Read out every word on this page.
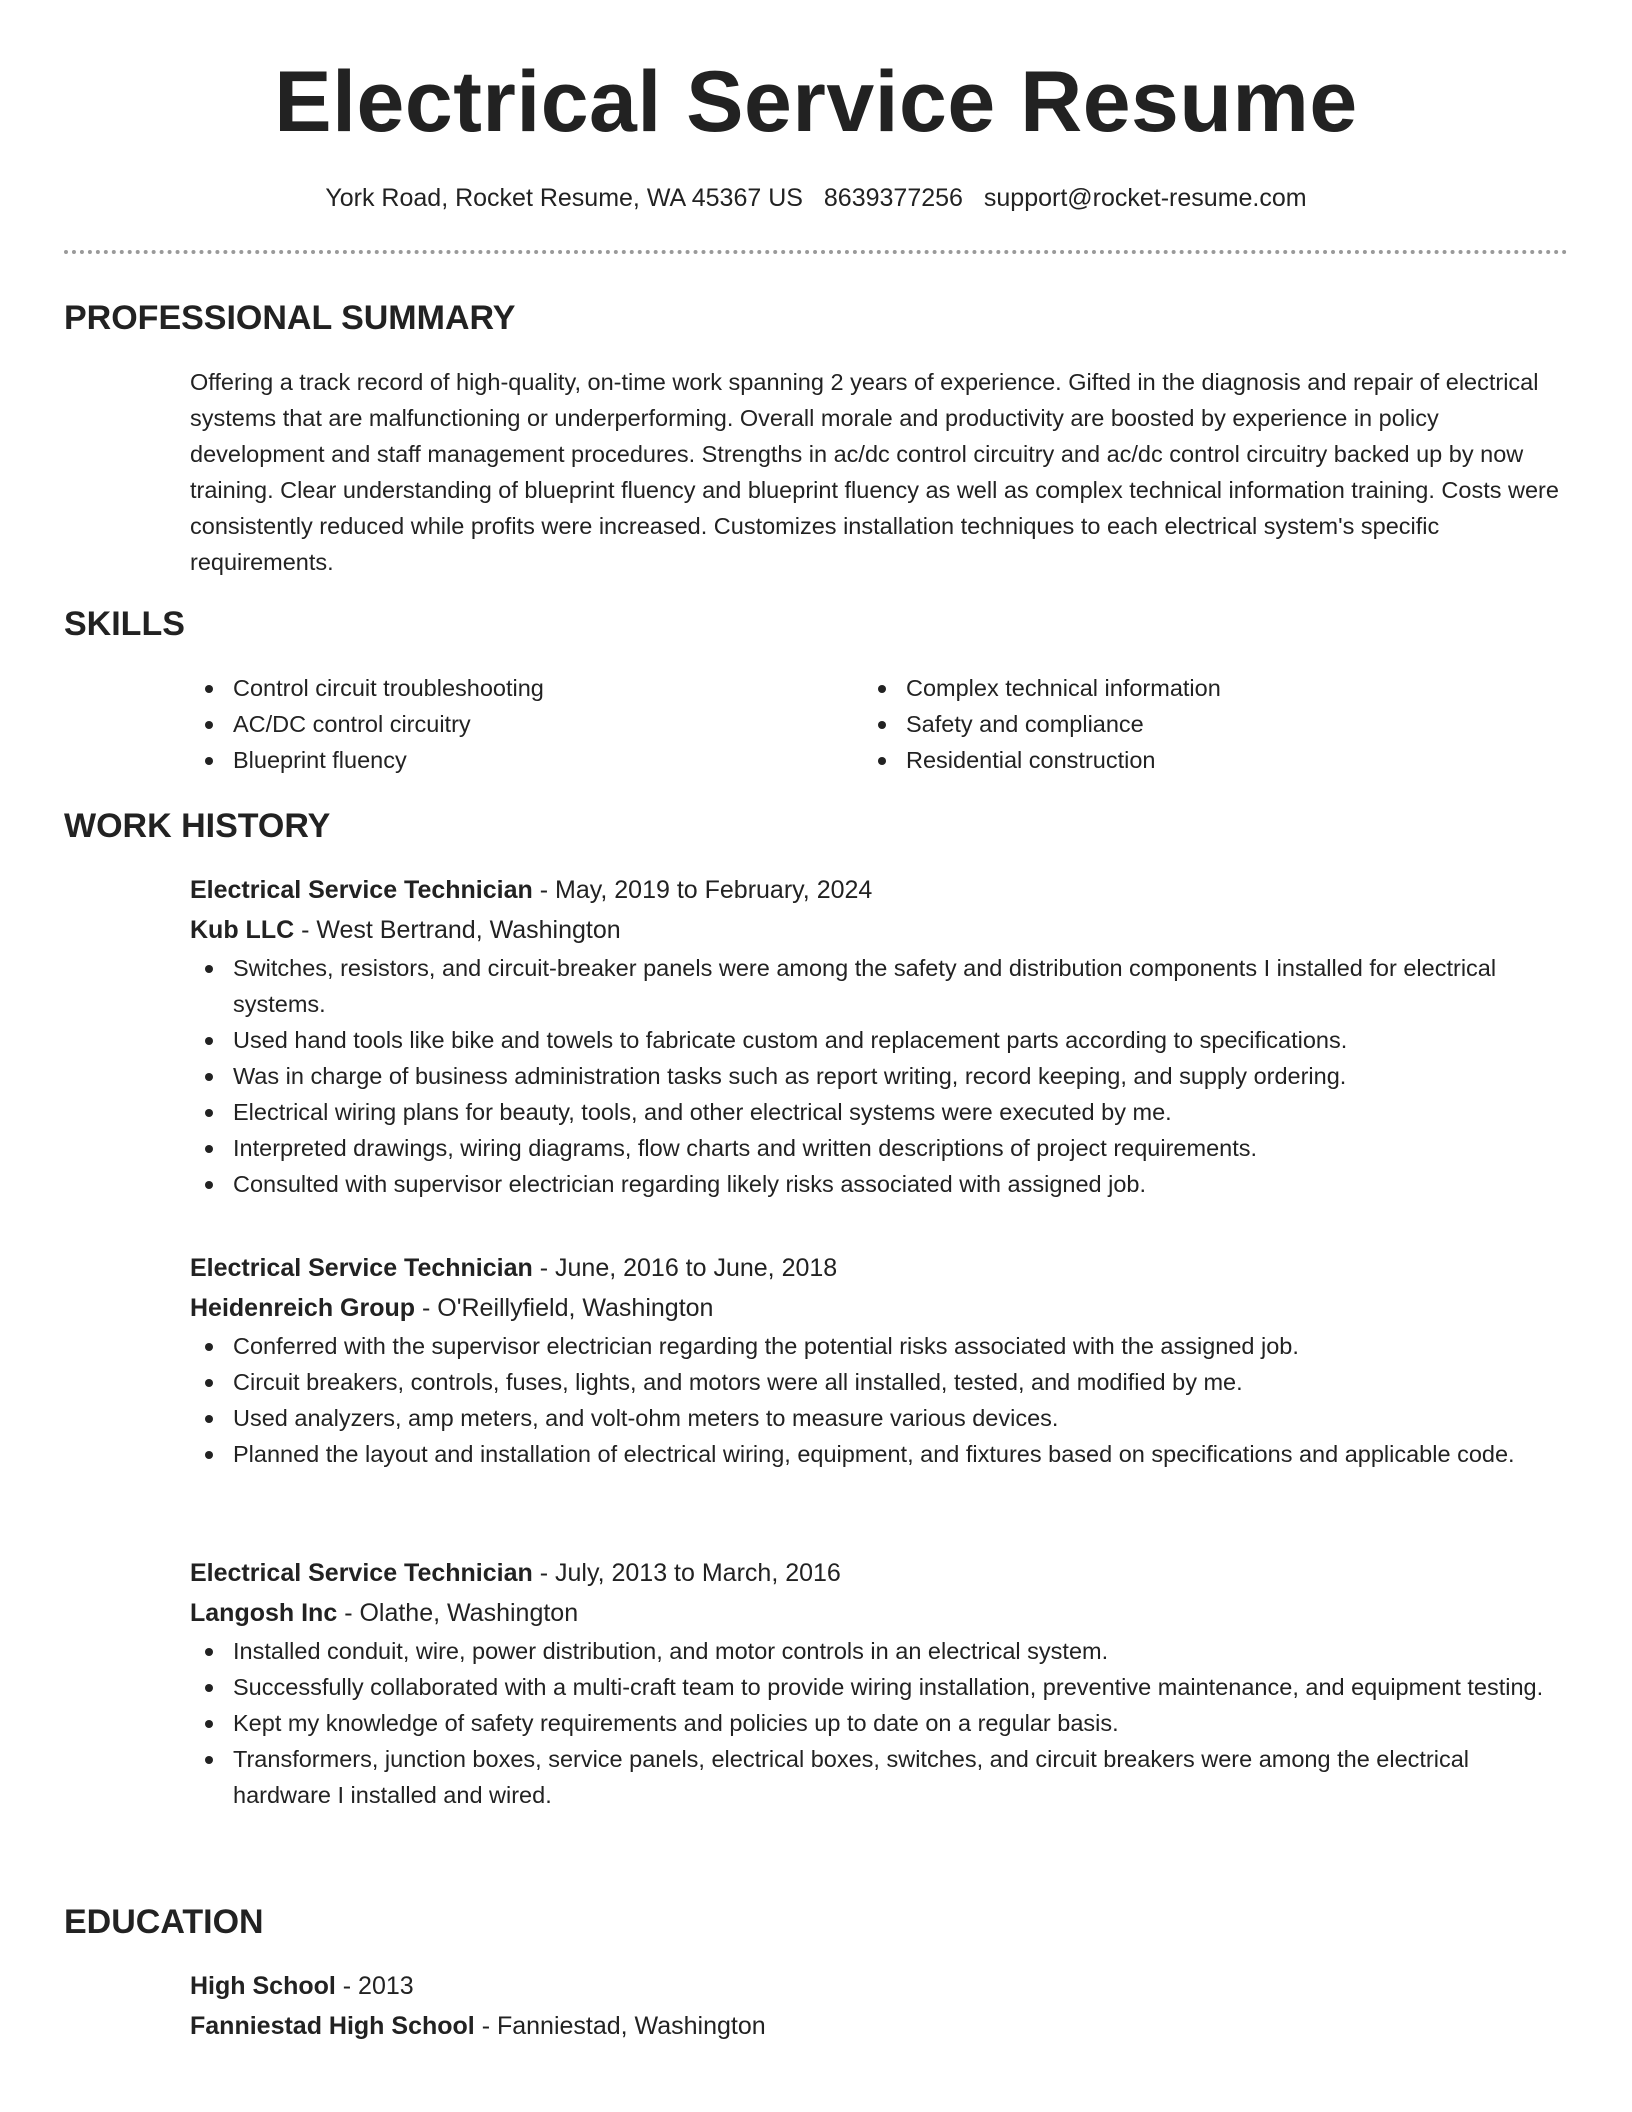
Electrical Service Resume
York Road, Rocket Resume, WA 45367 US 8639377256 support@rocket-resume.com
PROFESSIONAL SUMMARY

Offering a track record of high-quality, on-time work spanning 2 years of experience. Gifted in the diagnosis and repair of electrical systems that are malfunctioning or underperforming. Overall morale and productivity are boosted by experience in policy development and staff management procedures. Strengths in ac/dc control circuitry and ac/dc control circuitry backed up by now training. Clear understanding of blueprint fluency and blueprint fluency as well as complex technical information training. Costs were consistently reduced while profits were increased. Customizes installation techniques to each electrical system's specific requirements.

SKILLS
Control circuit troubleshooting
AC/DC control circuitry
Blueprint fluency
Complex technical information
Safety and compliance
Residential construction
WORK HISTORY
Electrical Service Technician - May, 2019 to February, 2024
Kub LLC - West Bertrand, Washington
Switches, resistors, and circuit-breaker panels were among the safety and distribution components I installed for electrical systems.
Used hand tools like bike and towels to fabricate custom and replacement parts according to specifications.
Was in charge of business administration tasks such as report writing, record keeping, and supply ordering.
Electrical wiring plans for beauty, tools, and other electrical systems were executed by me.
Interpreted drawings, wiring diagrams, flow charts and written descriptions of project requirements.
Consulted with supervisor electrician regarding likely risks associated with assigned job.
Electrical Service Technician - June, 2016 to June, 2018
Heidenreich Group - O'Reillyfield, Washington
Conferred with the supervisor electrician regarding the potential risks associated with the assigned job.
Circuit breakers, controls, fuses, lights, and motors were all installed, tested, and modified by me.
Used analyzers, amp meters, and volt-ohm meters to measure various devices.
Planned the layout and installation of electrical wiring, equipment, and fixtures based on specifications and applicable code.
Electrical Service Technician - July, 2013 to March, 2016
Langosh Inc - Olathe, Washington
Installed conduit, wire, power distribution, and motor controls in an electrical system.
Successfully collaborated with a multi-craft team to provide wiring installation, preventive maintenance, and equipment testing.
Kept my knowledge of safety requirements and policies up to date on a regular basis.
Transformers, junction boxes, service panels, electrical boxes, switches, and circuit breakers were among the electrical hardware I installed and wired.
EDUCATION
High School - 2013
Fanniestad High School - Fanniestad, Washington
